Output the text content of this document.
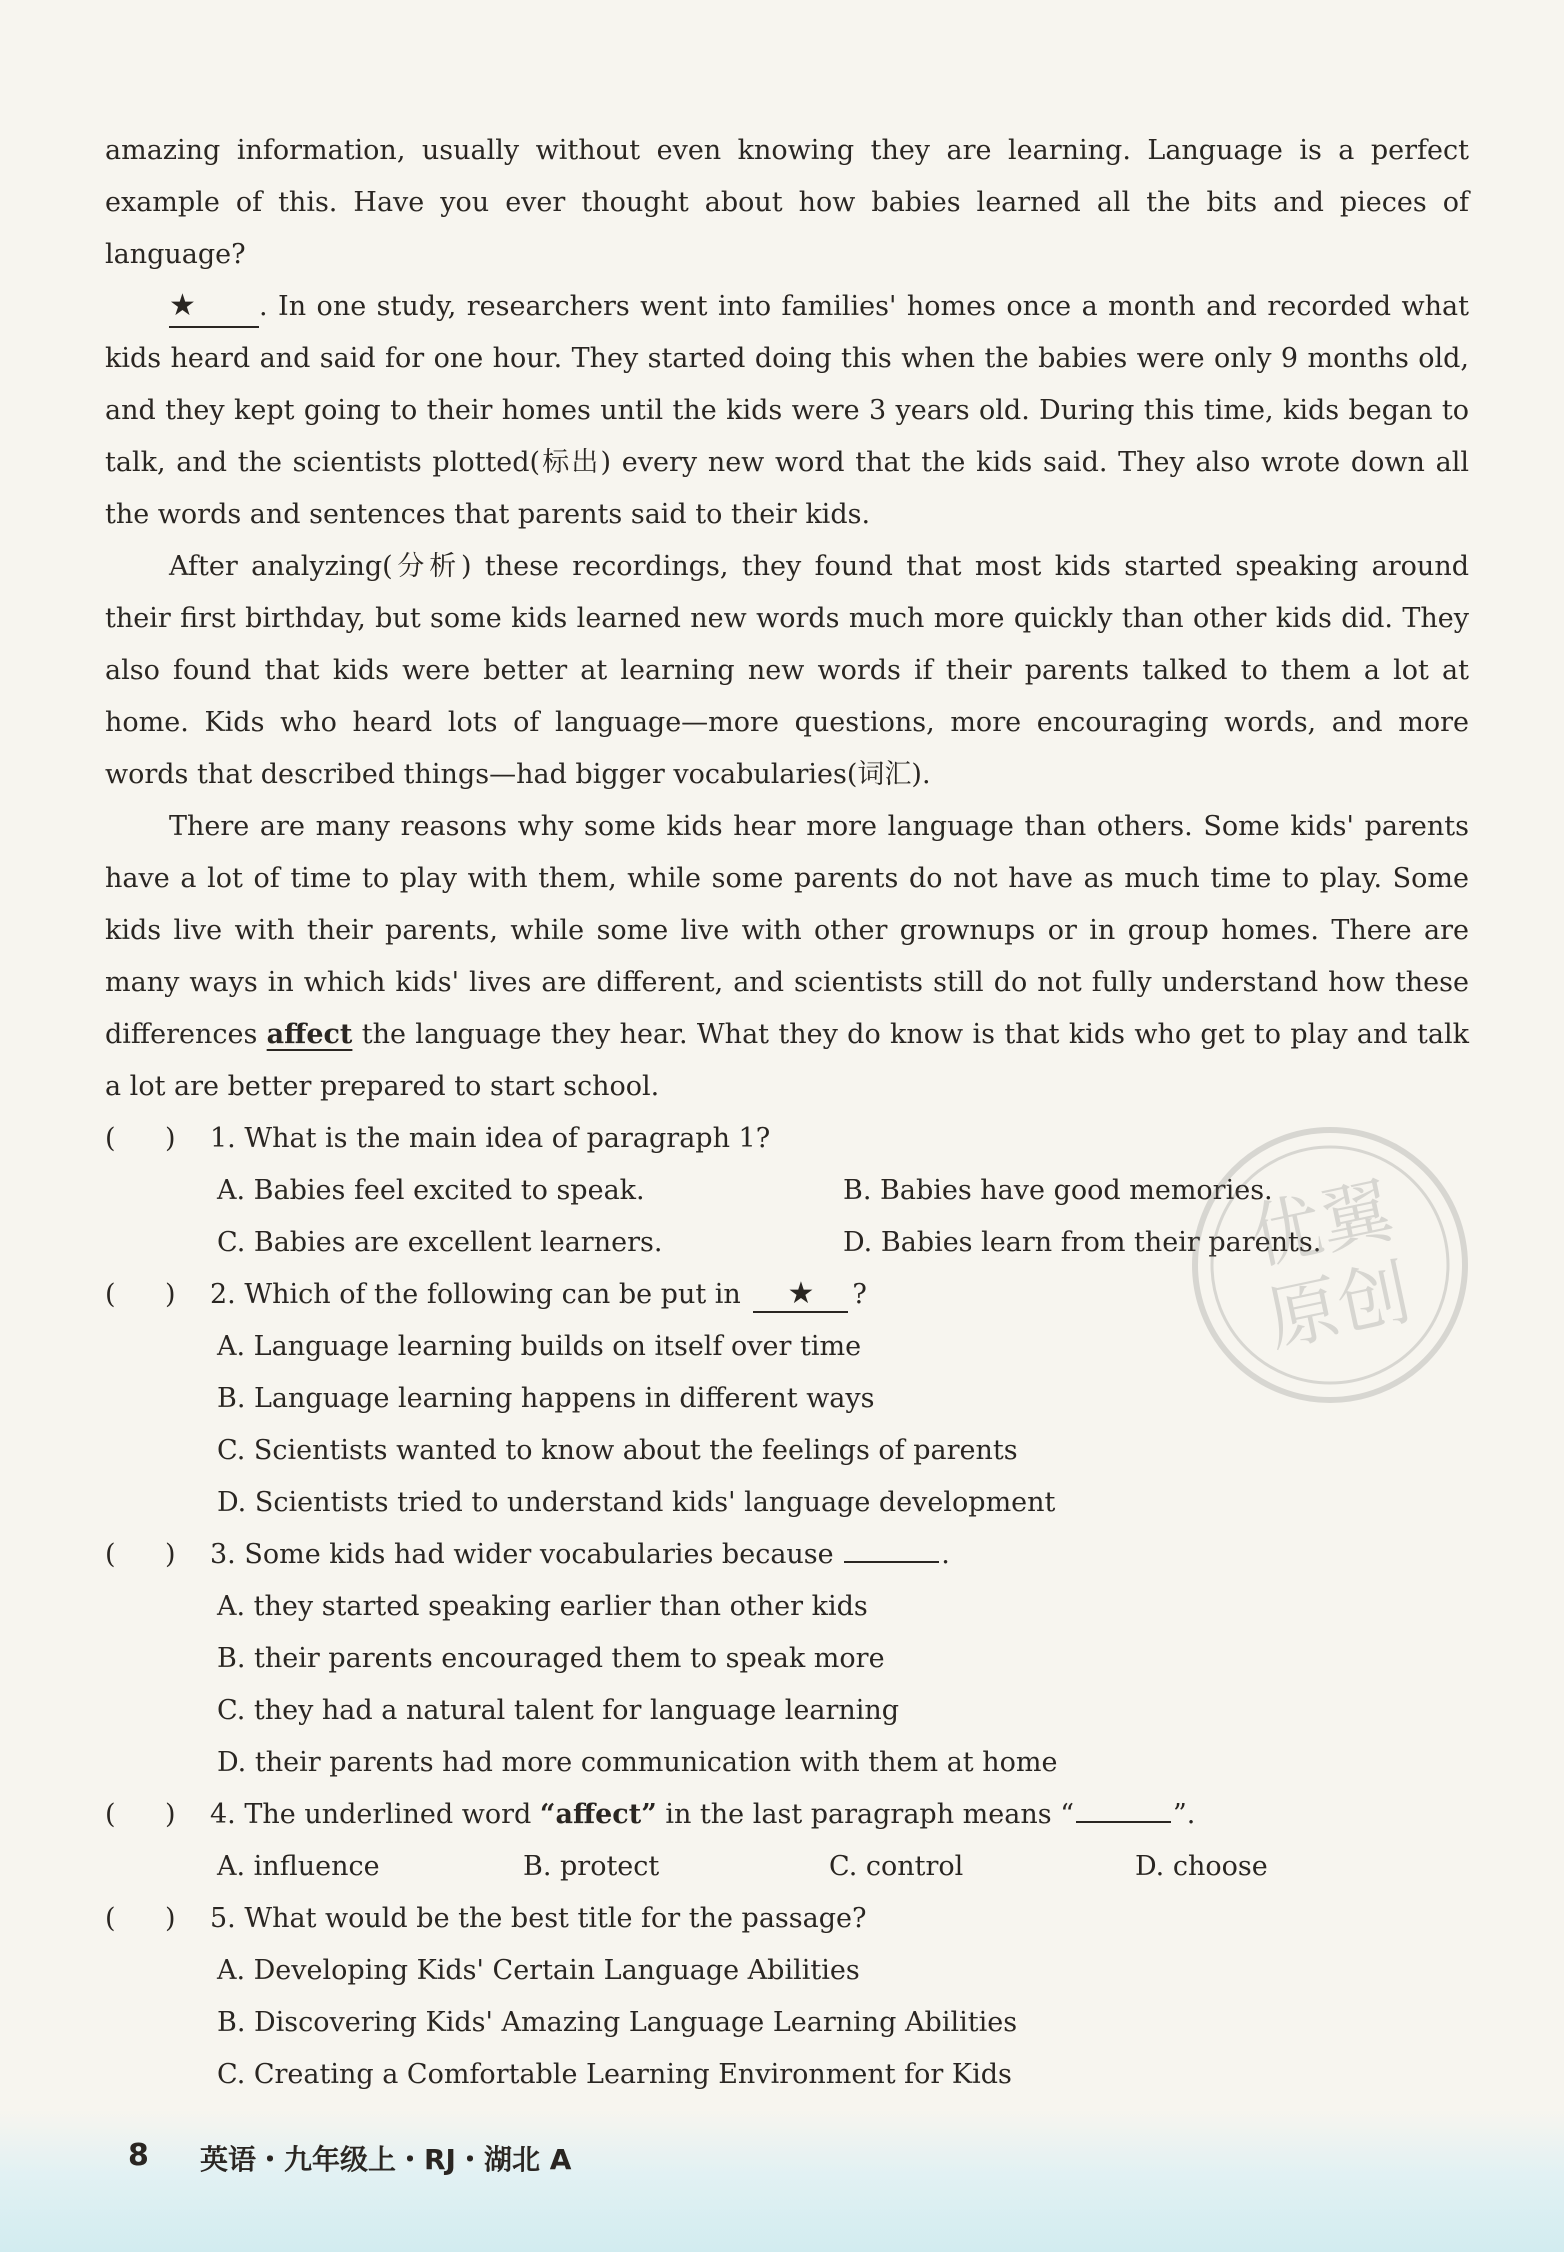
amazing information, usually without even knowing they are learning. Language is a perfect example of this. Have you ever thought about how babies learned all the bits and pieces of language?

★ . In one study, researchers went into families' homes once a month and recorded what kids heard and said for one hour. They started doing this when the babies were only 9 months old, and they kept going to their homes until the kids were 3 years old. During this time, kids began to talk, and the scientists plotted(标出) every new word that the kids said. They also wrote down all the words and sentences that parents said to their kids.

After analyzing(分析) these recordings, they found that most kids started speaking around their first birthday, but some kids learned new words much more quickly than other kids did. They also found that kids were better at learning new words if their parents talked to them a lot at home. Kids who heard lots of language—more questions, more encouraging words, and more words that described things—had bigger vocabularies(词汇).

There are many reasons why some kids hear more language than others. Some kids' parents have a lot of time to play with them, while some parents do not have as much time to play. Some kids live with their parents, while some live with other grownups or in group homes. There are many ways in which kids' lives are different, and scientists still do not fully understand how these differences affect the language they hear. What they do know is that kids who get to play and talk a lot are better prepared to start school.

( ) 1. What is the main idea of paragraph 1?
A. Babies feel excited to speak.	B. Babies have good memories.
C. Babies are excellent learners.	D. Babies learn from their parents.
( ) 2. Which of the following can be put in ★ ?
A. Language learning builds on itself over time
B. Language learning happens in different ways
C. Scientists wanted to know about the feelings of parents
D. Scientists tried to understand kids' language development
( ) 3. Some kids had wider vocabularies because	.
A. they started speaking earlier than other kids
B. their parents encouraged them to speak more
C. they had a natural talent for language learning
D. their parents had more communication with them at home
( ) 4. The underlined word “affect” in the last paragraph means “	”.
A. influence	B. protect	C. control	D. choose
( ) 5. What would be the best title for the passage?
A. Developing Kids' Certain Language Abilities
B. Discovering Kids' Amazing Language Learning Abilities
C. Creating a Comfortable Learning Environment for Kids
优翼
原创
8 英语・九年级上・RJ・湖北 A
